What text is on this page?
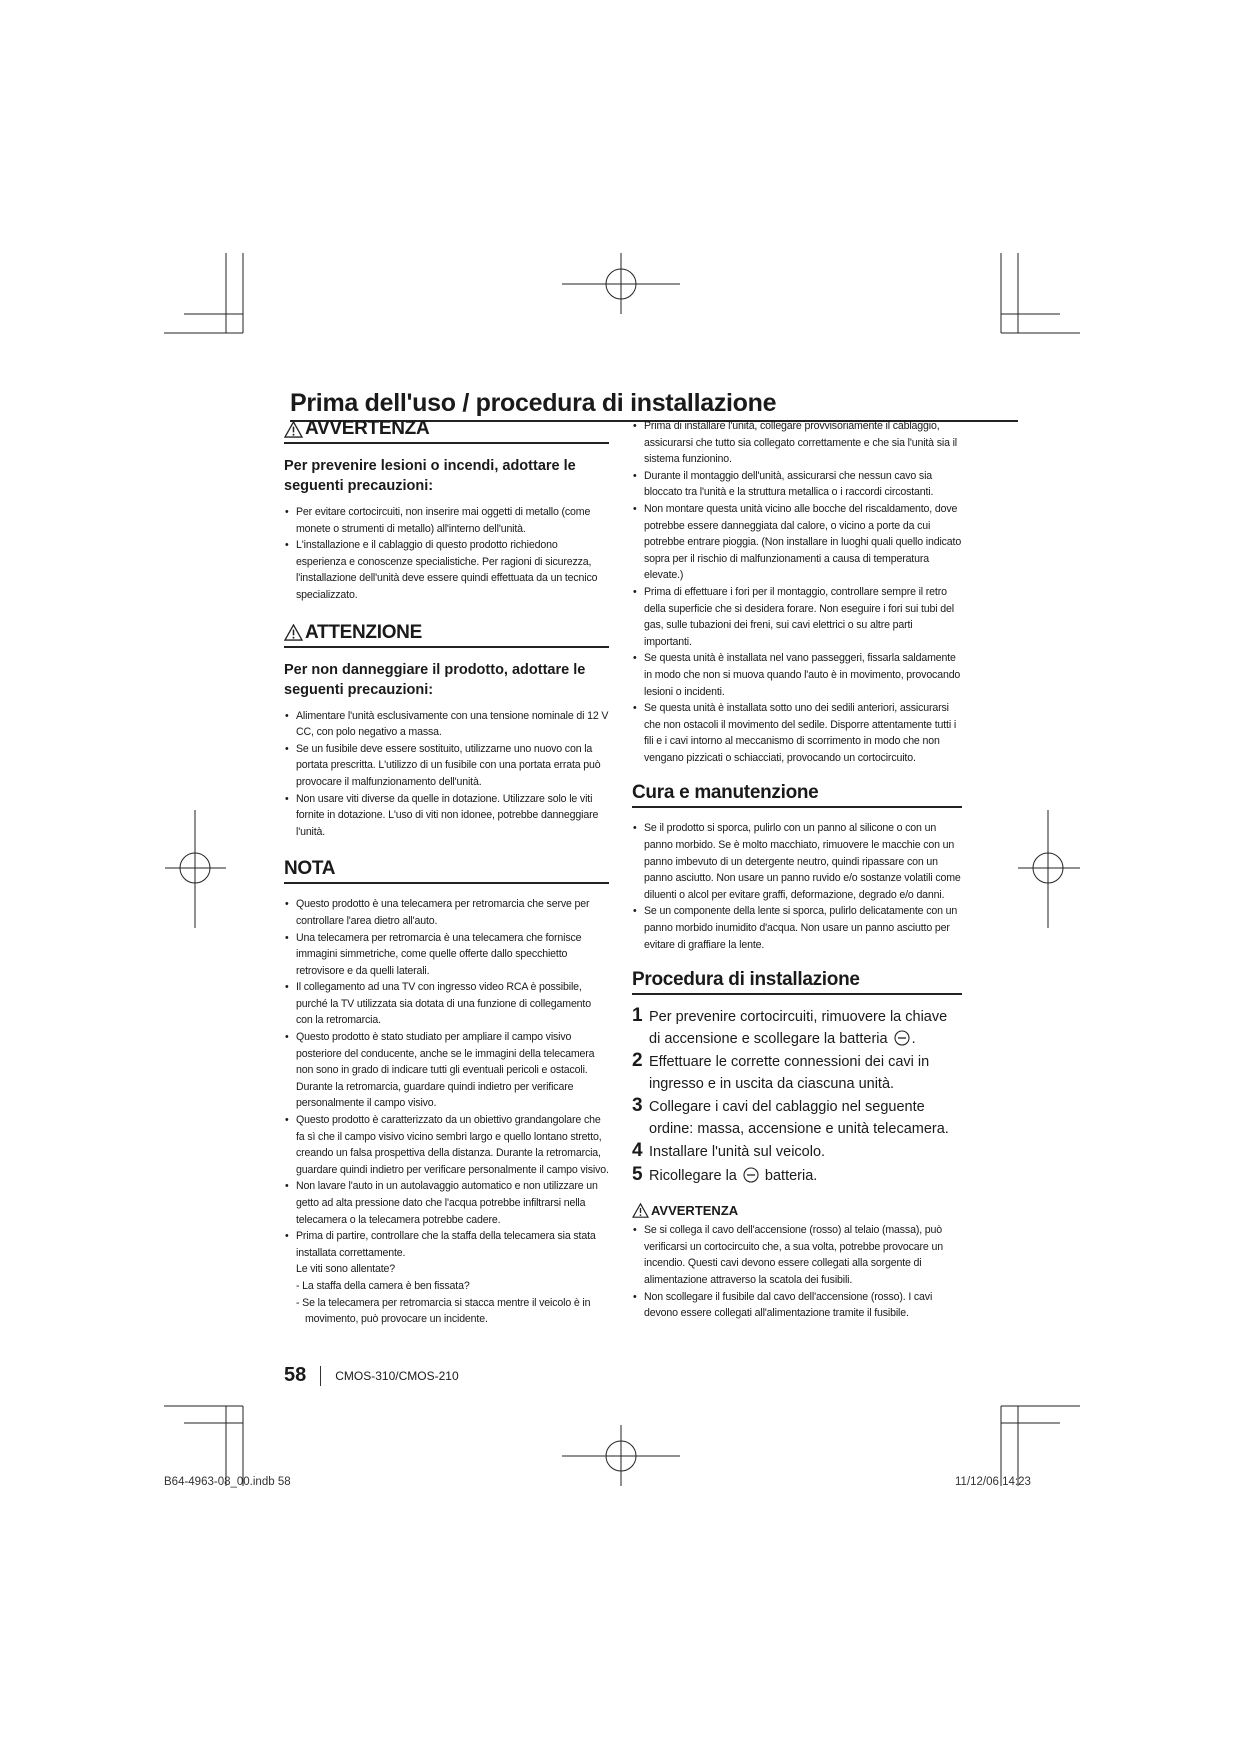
Prima dell'uso / procedura di installazione
AVVERTENZA
Per prevenire lesioni o incendi, adottare le seguenti precauzioni:
• Per evitare cortocircuiti, non inserire mai oggetti di metallo (come monete o strumenti di metallo) all'interno dell'unità.
• L'installazione e il cablaggio di questo prodotto richiedono esperienza e conoscenze specialistiche. Per ragioni di sicurezza, l'installazione dell'unità deve essere quindi effettuata da un tecnico specializzato.
ATTENZIONE
Per non danneggiare il prodotto, adottare le seguenti precauzioni:
• Alimentare l'unità esclusivamente con una tensione nominale di 12 V CC, con polo negativo a massa.
• Se un fusibile deve essere sostituito, utilizzarne uno nuovo con la portata prescritta. L'utilizzo di un fusibile con una portata errata può provocare il malfunzionamento dell'unità.
• Non usare viti diverse da quelle in dotazione. Utilizzare solo le viti fornite in dotazione. L'uso di viti non idonee, potrebbe danneggiare l'unità.
NOTA
• Questo prodotto è una telecamera per retromarcia che serve per controllare l'area dietro all'auto.
• Una telecamera per retromarcia è una telecamera che fornisce immagini simmetriche, come quelle offerte dallo specchietto retrovisore e da quelli laterali.
• Il collegamento ad una TV con ingresso video RCA è possibile, purché la TV utilizzata sia dotata di una funzione di collegamento con la retromarcia.
• Questo prodotto è stato studiato per ampliare il campo visivo posteriore del conducente, anche se le immagini della telecamera non sono in grado di indicare tutti gli eventuali pericoli e ostacoli. Durante la retromarcia, guardare quindi indietro per verificare personalmente il campo visivo.
• Questo prodotto è caratterizzato da un obiettivo grandangolare che fa sì che il campo visivo vicino sembri largo e quello lontano stretto, creando un falsa prospettiva della distanza. Durante la retromarcia, guardare quindi indietro per verificare personalmente il campo visivo.
• Non lavare l'auto in un autolavaggio automatico e non utilizzare un getto ad alta pressione dato che l'acqua potrebbe infiltrarsi nella telecamera o la telecamera potrebbe cadere.
• Prima di partire, controllare che la staffa della telecamera sia stata installata correttamente.
Le viti sono allentate?
- La staffa della camera è ben fissata?
- Se la telecamera per retromarcia si stacca mentre il veicolo è in movimento, può provocare un incidente.
• Prima di installare l'unità, collegare provvisoriamente il cablaggio, assicurarsi che tutto sia collegato correttamente e che sia l'unità sia il sistema funzionino.
• Durante il montaggio dell'unità, assicurarsi che nessun cavo sia bloccato tra l'unità e la struttura metallica o i raccordi circostanti.
• Non montare questa unità vicino alle bocche del riscaldamento, dove potrebbe essere danneggiata dal calore, o vicino a porte da cui potrebbe entrare pioggia. (Non installare in luoghi quali quello indicato sopra per il rischio di malfunzionamenti a causa di temperatura elevate.)
• Prima di effettuare i fori per il montaggio, controllare sempre il retro della superficie che si desidera forare. Non eseguire i fori sui tubi del gas, sulle tubazioni dei freni, sui cavi elettrici o su altre parti importanti.
• Se questa unità è installata nel vano passeggeri, fissarla saldamente in modo che non si muova quando l'auto è in movimento, provocando lesioni o incidenti.
• Se questa unità è installata sotto uno dei sedili anteriori, assicurarsi che non ostacoli il movimento del sedile. Disporre attentamente tutti i fili e i cavi intorno al meccanismo di scorrimento in modo che non vengano pizzicati o schiacciati, provocando un cortocircuito.
Cura e manutenzione
• Se il prodotto si sporca, pulirlo con un panno al silicone o con un panno morbido. Se è molto macchiato, rimuovere le macchie con un panno imbevuto di un detergente neutro, quindi ripassare con un panno asciutto. Non usare un panno ruvido e/o sostanze volatili come diluenti o alcol per evitare graffi, deformazione, degrado e/o danni.
• Se un componente della lente si sporca, pulirlo delicatamente con un panno morbido inumidito d'acqua. Non usare un panno asciutto per evitare di graffiare la lente.
Procedura di installazione
1 Per prevenire cortocircuiti, rimuovere la chiave di accensione e scollegare la batteria .
2 Effettuare le corrette connessioni dei cavi in ingresso e in uscita da ciascuna unità.
3 Collegare i cavi del cablaggio nel seguente ordine: massa, accensione e unità telecamera.
4 Installare l'unità sul veicolo.
5 Ricollegare la batteria.
AVVERTENZA
• Se si collega il cavo dell'accensione (rosso) al telaio (massa), può verificarsi un cortocircuito che, a sua volta, potrebbe provocare un incendio. Questi cavi devono essere collegati alla sorgente di alimentazione attraverso la scatola dei fusibili.
• Non scollegare il fusibile dal cavo dell'accensione (rosso). I cavi devono essere collegati all'alimentazione tramite il fusibile.
58 CMOS-310/CMOS-210
B64-4963-08_00.indb 58	11/12/06 14:23
